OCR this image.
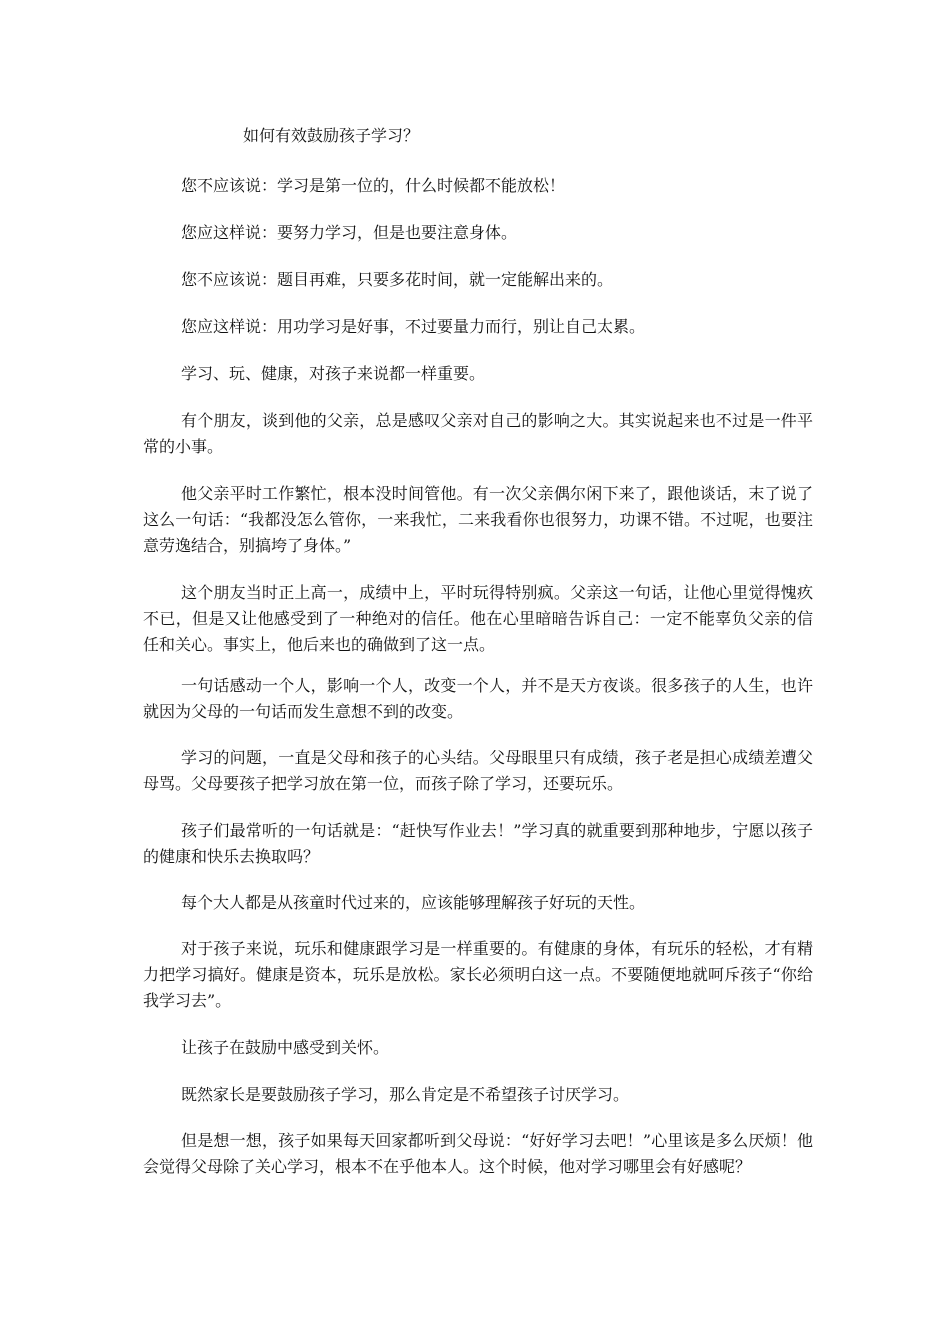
如何有效鼓励孩子学习？

您不应该说：学习是第一位的，什么时候都不能放松！

您应这样说：要努力学习，但是也要注意身体。

您不应该说：题目再难，只要多花时间，就一定能解出来的。

您应这样说：用功学习是好事，不过要量力而行，别让自己太累。

学习、玩、健康，对孩子来说都一样重要。

有个朋友，谈到他的父亲，总是感叹父亲对自己的影响之大。其实说起来也不过是一件平常的小事。

他父亲平时工作繁忙，根本没时间管他。有一次父亲偶尔闲下来了，跟他谈话，末了说了这么一句话：“我都没怎么管你，一来我忙，二来我看你也很努力，功课不错。不过呢，也要注意劳逸结合，别搞垮了身体。”

这个朋友当时正上高一，成绩中上，平时玩得特别疯。父亲这一句话，让他心里觉得愧疚不已，但是又让他感受到了一种绝对的信任。他在心里暗暗告诉自己：一定不能辜负父亲的信任和关心。事实上，他后来也的确做到了这一点。

一句话感动一个人，影响一个人，改变一个人，并不是天方夜谈。很多孩子的人生，也许就因为父母的一句话而发生意想不到的改变。

学习的问题，一直是父母和孩子的心头结。父母眼里只有成绩，孩子老是担心成绩差遭父母骂。父母要孩子把学习放在第一位，而孩子除了学习，还要玩乐。

孩子们最常听的一句话就是：“赶快写作业去！”学习真的就重要到那种地步，宁愿以孩子的健康和快乐去换取吗？

每个大人都是从孩童时代过来的，应该能够理解孩子好玩的天性。

对于孩子来说，玩乐和健康跟学习是一样重要的。有健康的身体，有玩乐的轻松，才有精力把学习搞好。健康是资本，玩乐是放松。家长必须明白这一点。不要随便地就呵斥孩子“你给我学习去”。

让孩子在鼓励中感受到关怀。

既然家长是要鼓励孩子学习，那么肯定是不希望孩子讨厌学习。

但是想一想，孩子如果每天回家都听到父母说：“好好学习去吧！”心里该是多么厌烦！他会觉得父母除了关心学习，根本不在乎他本人。这个时候，他对学习哪里会有好感呢？
